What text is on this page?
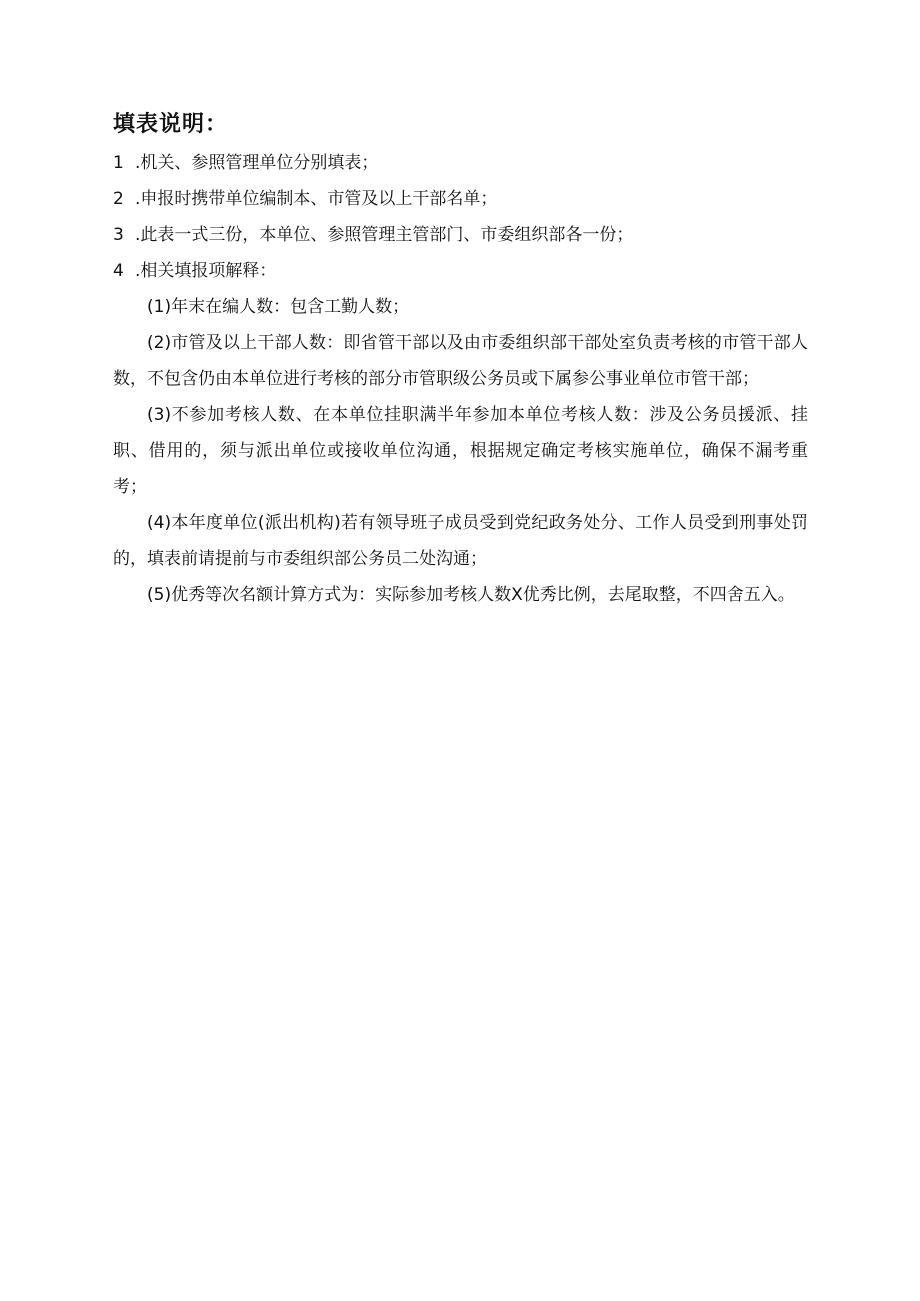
填表说明：
1 .机关、参照管理单位分别填表；
2 .申报时携带单位编制本、市管及以上干部名单；
3 .此表一式三份，本单位、参照管理主管部门、市委组织部各一份；
4 .相关填报项解释：

(1)年末在编人数：包含工勤人数；

(2)市管及以上干部人数：即省管干部以及由市委组织部干部处室负责考核的市管干部人数，不包含仍由本单位进行考核的部分市管职级公务员或下属参公事业单位市管干部；

(3)不参加考核人数、在本单位挂职满半年参加本单位考核人数：涉及公务员援派、挂职、借用的，须与派出单位或接收单位沟通，根据规定确定考核实施单位，确保不漏考重考；

(4)本年度单位(派出机构)若有领导班子成员受到党纪政务处分、工作人员受到刑事处罚的，填表前请提前与市委组织部公务员二处沟通；

(5)优秀等次名额计算方式为：实际参加考核人数X优秀比例，去尾取整，不四舍五入。
